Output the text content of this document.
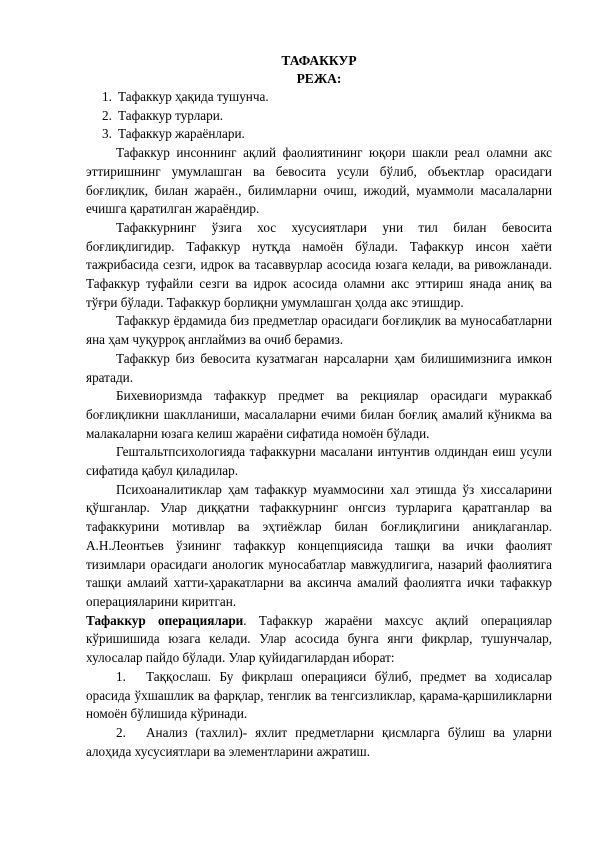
ТАФАККУР
РЕЖА:
1. Тафаккур ҳақида тушунча.
2. Тафаккур турлари.
3. Тафаккур жараёнлари.

Тафаккур инсоннинг ақлий фаолиятининг юқори шакли реал оламни акс эттиришнинг умумлашган ва бевосита усули бўлиб, объектлар орасидаги боғлиқлик, билан жараён., билимларни очиш, ижодий, муаммоли масалаларни ечишга қаратилган жараёндир.

Тафаккурнинг ўзига хос хусусиятлари уни тил билан бевосита боғлиқлигидир. Тафаккур нутқда намоён бўлади. Тафаккур инсон хаёти тажрибасида сезги, идрок ва тасаввурлар асосида юзага келади, ва ривожланади. Тафаккур туфайли сезги ва идрок асосида оламни акс эттириш янада аниқ ва тўғри бўлади. Тафаккур борлиқни умумлашган ҳолда акс этишдир.

Тафаккур ёрдамида биз предметлар орасидаги боғлиқлик ва муносабатларни яна ҳам чуқурроқ англаймиз ва очиб берамиз.

Тафаккур биз бевосита кузатмаган нарсаларни ҳам билишимизнига имкон яратади.

Бихевиоризмда тафаккур предмет ва рекциялар орасидаги мураккаб боғлиқликни шаклланиши, масалаларни ечими билан боғлиқ амалий кўникма ва малакаларни юзага келиш жараёни сифатида номоён бўлади.

Гештальтпсихологияда тафаккурни масалани интунтив олдиндан еиш усули сифатида қабул қиладилар.

Психоаналитиклар ҳам тафаккур муаммосини хал этишда ўз хиссаларини қўшганлар. Улар диққатни тафаккурнинг онгсиз турларига қаратганлар ва тафаккурини мотивлар ва эҳтиёжлар билан боғлиқлигини аниқлаганлар. А.Н.Леонтьев ўзининг тафаккур концепциясида ташқи ва ички фаолият тизимлари орасидаги анологик муносабатлар мавжудлигига, назарий фаолиятига ташқи амлаий хатти-ҳаракатларни ва аксинча амалий фаолиятга ички тафаккур операцияларини киритган.

Тафаккур операциялари. Тафаккур жараёни махсус ақлий операциялар кўришишида юзага келади. Улар асосида бунга янги фикрлар, тушунчалар, хулосалар пайдо бўлади. Улар қуйидагилардан иборат:

1. Таққослаш. Бу фикрлаш операцияси бўлиб, предмет ва ходисалар орасида ўхшашлик ва фарқлар, тенглик ва тенгсизликлар, қарама-қаршиликларни номоён бўлишида кўринади.

2. Анализ (тахлил)- яхлит предметларни қисмларга бўлиш ва уларни алоҳида хусусиятлари ва элементларини ажратиш.
